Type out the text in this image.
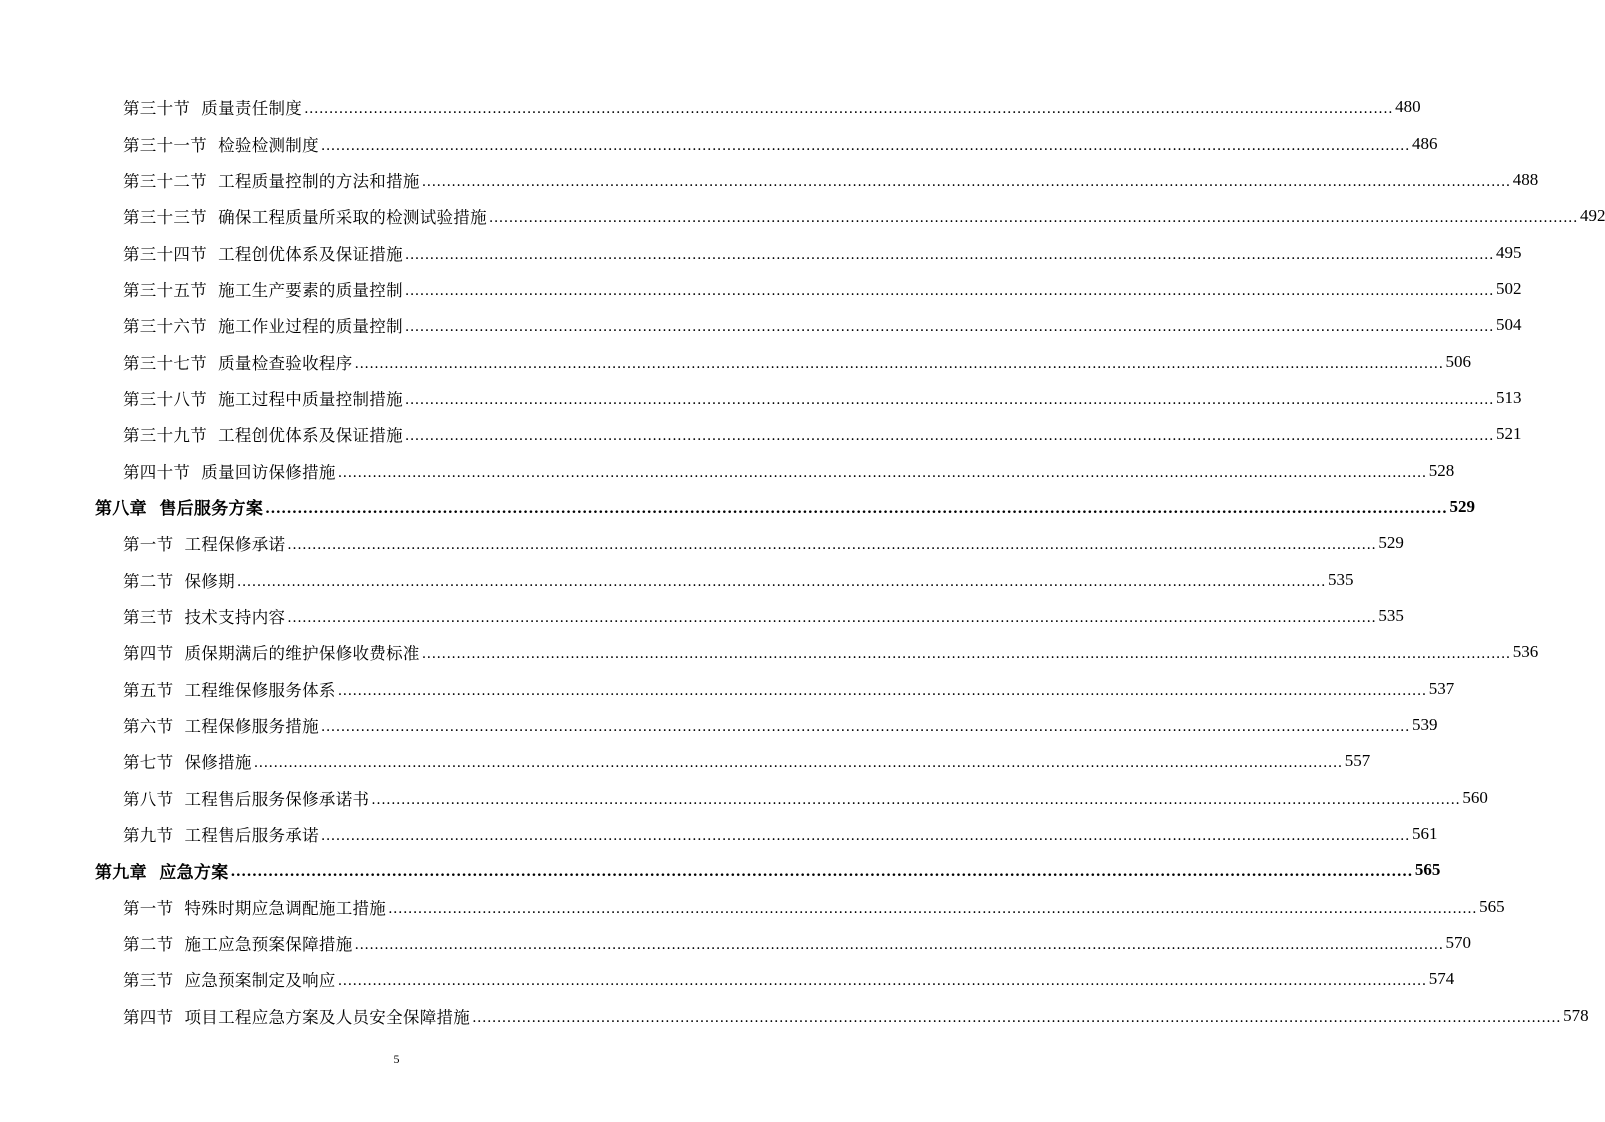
第三十节  质量责任制度 ............................................................................................................................................................................................................................ 480
第三十一节  检验检测制度 ............................................................................................................................................................................................................................ 486
第三十二节  工程质量控制的方法和措施 ............................................................................................................................................................................................................................ 488
第三十三节  确保工程质量所采取的检测试验措施 ............................................................................................................................................................................................................................ 492
第三十四节  工程创优体系及保证措施 ............................................................................................................................................................................................................................ 495
第三十五节  施工生产要素的质量控制 ............................................................................................................................................................................................................................ 502
第三十六节  施工作业过程的质量控制 ............................................................................................................................................................................................................................ 504
第三十七节  质量检查验收程序 ............................................................................................................................................................................................................................ 506
第三十八节  施工过程中质量控制措施 ............................................................................................................................................................................................................................ 513
第三十九节  工程创优体系及保证措施 ............................................................................................................................................................................................................................ 521
第四十节  质量回访保修措施 ............................................................................................................................................................................................................................ 528
第八章  售后服务方案 ............................................................................................................................................................................................................................ 529
第一节  工程保修承诺 ............................................................................................................................................................................................................................ 529
第二节  保修期 ............................................................................................................................................................................................................................ 535
第三节  技术支持内容 ............................................................................................................................................................................................................................ 535
第四节  质保期满后的维护保修收费标准 ............................................................................................................................................................................................................................ 536
第五节  工程维保修服务体系 ............................................................................................................................................................................................................................ 537
第六节  工程保修服务措施 ............................................................................................................................................................................................................................ 539
第七节  保修措施 ............................................................................................................................................................................................................................ 557
第八节  工程售后服务保修承诺书 ............................................................................................................................................................................................................................ 560
第九节  工程售后服务承诺 ............................................................................................................................................................................................................................ 561
第九章  应急方案 ............................................................................................................................................................................................................................ 565
第一节  特殊时期应急调配施工措施 ............................................................................................................................................................................................................................ 565
第二节  施工应急预案保障措施 ............................................................................................................................................................................................................................ 570
第三节  应急预案制定及响应 ............................................................................................................................................................................................................................ 574
第四节  项目工程应急方案及人员安全保障措施 ............................................................................................................................................................................................................................ 578
5
